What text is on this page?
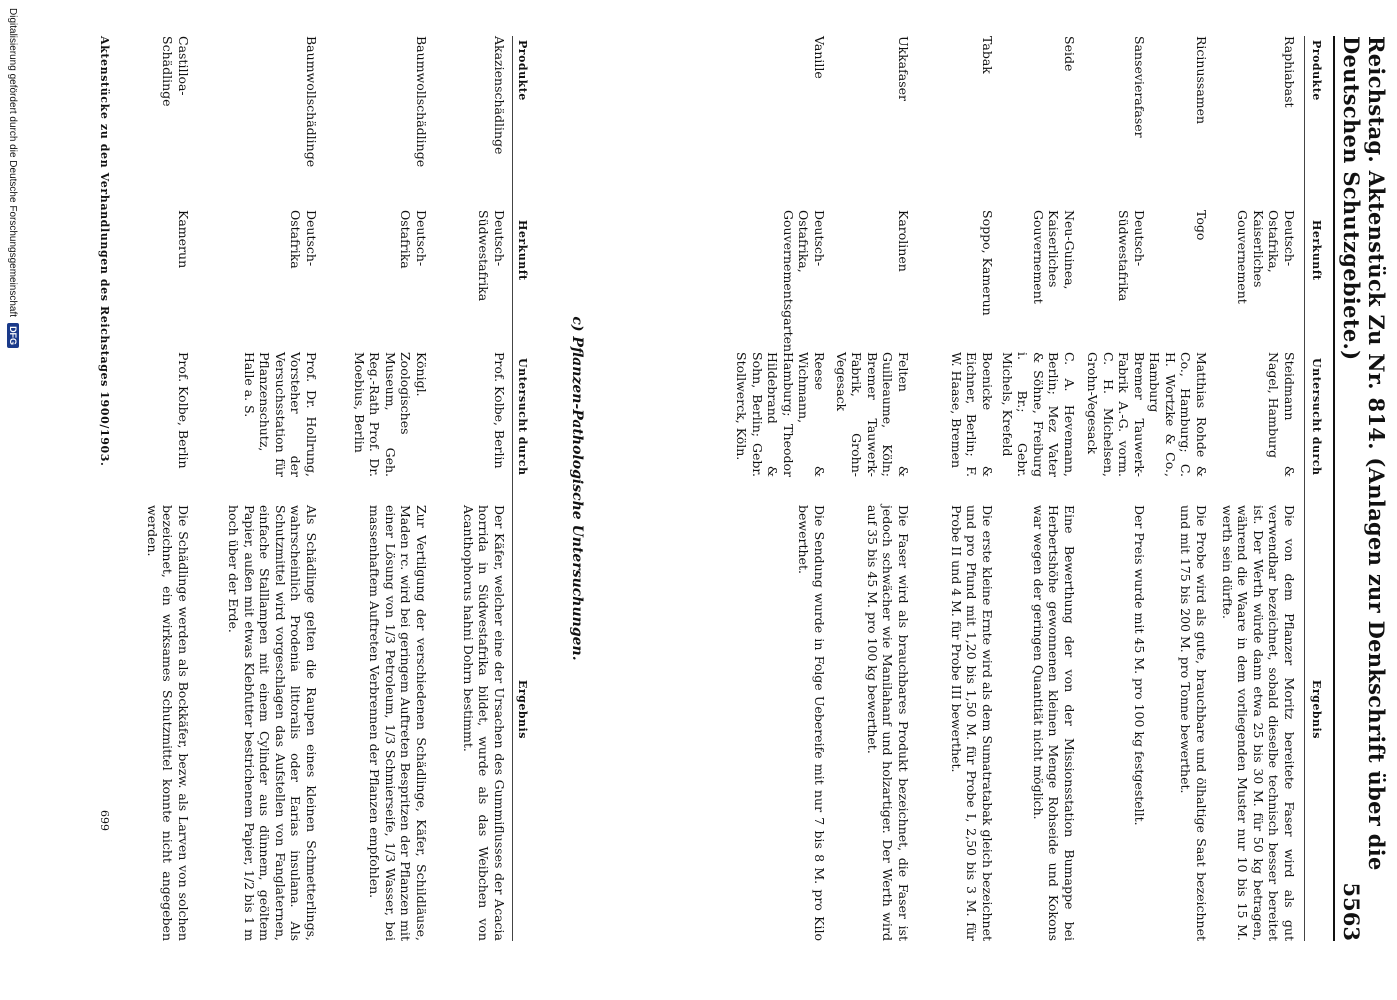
Reichstag. Aktenstück Zu Nr. 814. (Anlagen zur Denkschrift über die Deutschen Schutzgebiete.)
5563
Produkte
Herkunft
Untersucht durch
Ergebnis
Raphiabast
Deutsch-Ostafrika, Kaiserliches Gouvernement
Steidmann & Nagel, Hamburg
Die von dem Pflanzer Moritz bereitete Faser wird als gut verwendbar bezeichnet, sobald dieselbe technisch besser bereitet ist. Der Werth würde dann etwa 25 bis 30 M. für 50 kg betragen, während die Waare in dem vorliegenden Muster nur 10 bis 15 M. werth sein dürfte.
Ricinussamen
Togo
Matthias Rohde & Co., Hamburg; C. H. Wortzke & Co., Hamburg
Die Probe wird als gute, brauchbare und ölhaltige Saat bezeichnet und mit 175 bis 200 M. pro Tonne bewerthet.
Sansevierafaser
Deutsch-Südwestafrika
Bremer Tauwerk-Fabrik A.-G. vorm. C. H. Michelsen, Grohn-Vegesack
Der Preis wurde mit 45 M. pro 100 kg festgestellt.
Seide
Neu-Guinea, Kaiserliches Gouvernement
C. A. Hevemann, Berlin; Mez Vater & Söhne, Freiburg i. Br.; Gebr. Michels, Krefeld
Eine Bewerthung der von der Missionsstation Bumappe bei Herbertshöhe gewonnenen kleinen Menge Rohseide und Kokons war wegen der geringen Quantität nicht möglich.
Tabak
Soppo, Kamerun
Boenicke & Eichner, Berlin; F. W. Haase, Bremen
Die erste kleine Ernte wird als dem Sumatratabak gleich bezeichnet und pro Pfund mit 1,20 bis 1,50 M. für Probe I, 2,50 bis 3 M. für Probe II und 4 M. für Probe III bewerthet.
Ukkafaser
Karolinen
Felten & Guilleaume, Köln; Bremer Tauwerk-Fabrik, Grohn-Vegesack
Die Faser wird als brauchbares Produkt bezeichnet, die Faser ist jedoch schwächer wie Manilahanf und holzartiger. Der Werth wird auf 35 bis 45 M. pro 100 kg bewerthet.
Vanille
Deutsch-Ostafrika, Gouvernementsgarten
Reese & Wichmann, Hamburg; Theodor Hildebrand & Sohn, Berlin; Gebr. Stollwerck, Köln.
Die Sendung wurde in Folge Uebereife mit nur 7 bis 8 M. pro Kilo bewerthet.
c) Pflanzen-Pathologische Untersuchungen.
Produkte
Herkunft
Untersucht durch
Ergebnis
Akazienschädlinge
Deutsch-Südwestafrika
Prof. Kolbe, Berlin
Der Käfer, welcher eine der Ursachen des Gummiflusses der Acacia horrida in Südwestafrika bildet, wurde als das Weibchen von Acanthophorus hahni Dohrn bestimmt.
Baumwollschädlinge
Deutsch-Ostafrika
Königl. Zoologisches Museum, Geh. Reg.-Rath Prof. Dr. Moebius, Berlin
Zur Vertilgung der verschiedenen Schädlinge, Käfer, Schildläuse, Maden rc. wird bei geringem Auftreten Bespritzen der Pflanzen mit einer Lösung von 1/3 Petroleum, 1/3 Schmierseife, 1/3 Wasser, bei massenhaftem Auftreten Verbrennen der Pflanzen empfohlen.
Baumwollschädlinge
Deutsch-Ostafrika
Prof. Dr. Hollrung, Vorsteher der Versuchsstation für Pflanzenschutz, Halle a. S.
Als Schädlinge gelten die Raupen eines kleinen Schmetterlings, wahrscheinlich Prodenia littoralis oder Earias insulana. Als Schutzmittel wird vorgeschlagen das Aufstellen von Fanglaternen, einfache Stalllampen mit einem Cylinder aus dünnem, geöltem Papier, außen mit etwas Klebfutter bestrichenem Papier, 1/2 bis 1 m hoch über der Erde.
Castilloa-Schädlinge
Kamerun
Prof. Kolbe, Berlin
Die Schädlinge werden als Bockkäfer, bezw. als Larven von solchen bezeichnet, ein wirksames Schutzmittel konnte nicht angegeben werden.
Aktenstücke zu den Verhandlungen des Reichstages 1900/1903.
699
Digitalisierung gefördert durch die Deutsche Forschungsgemeinschaft
DFG
